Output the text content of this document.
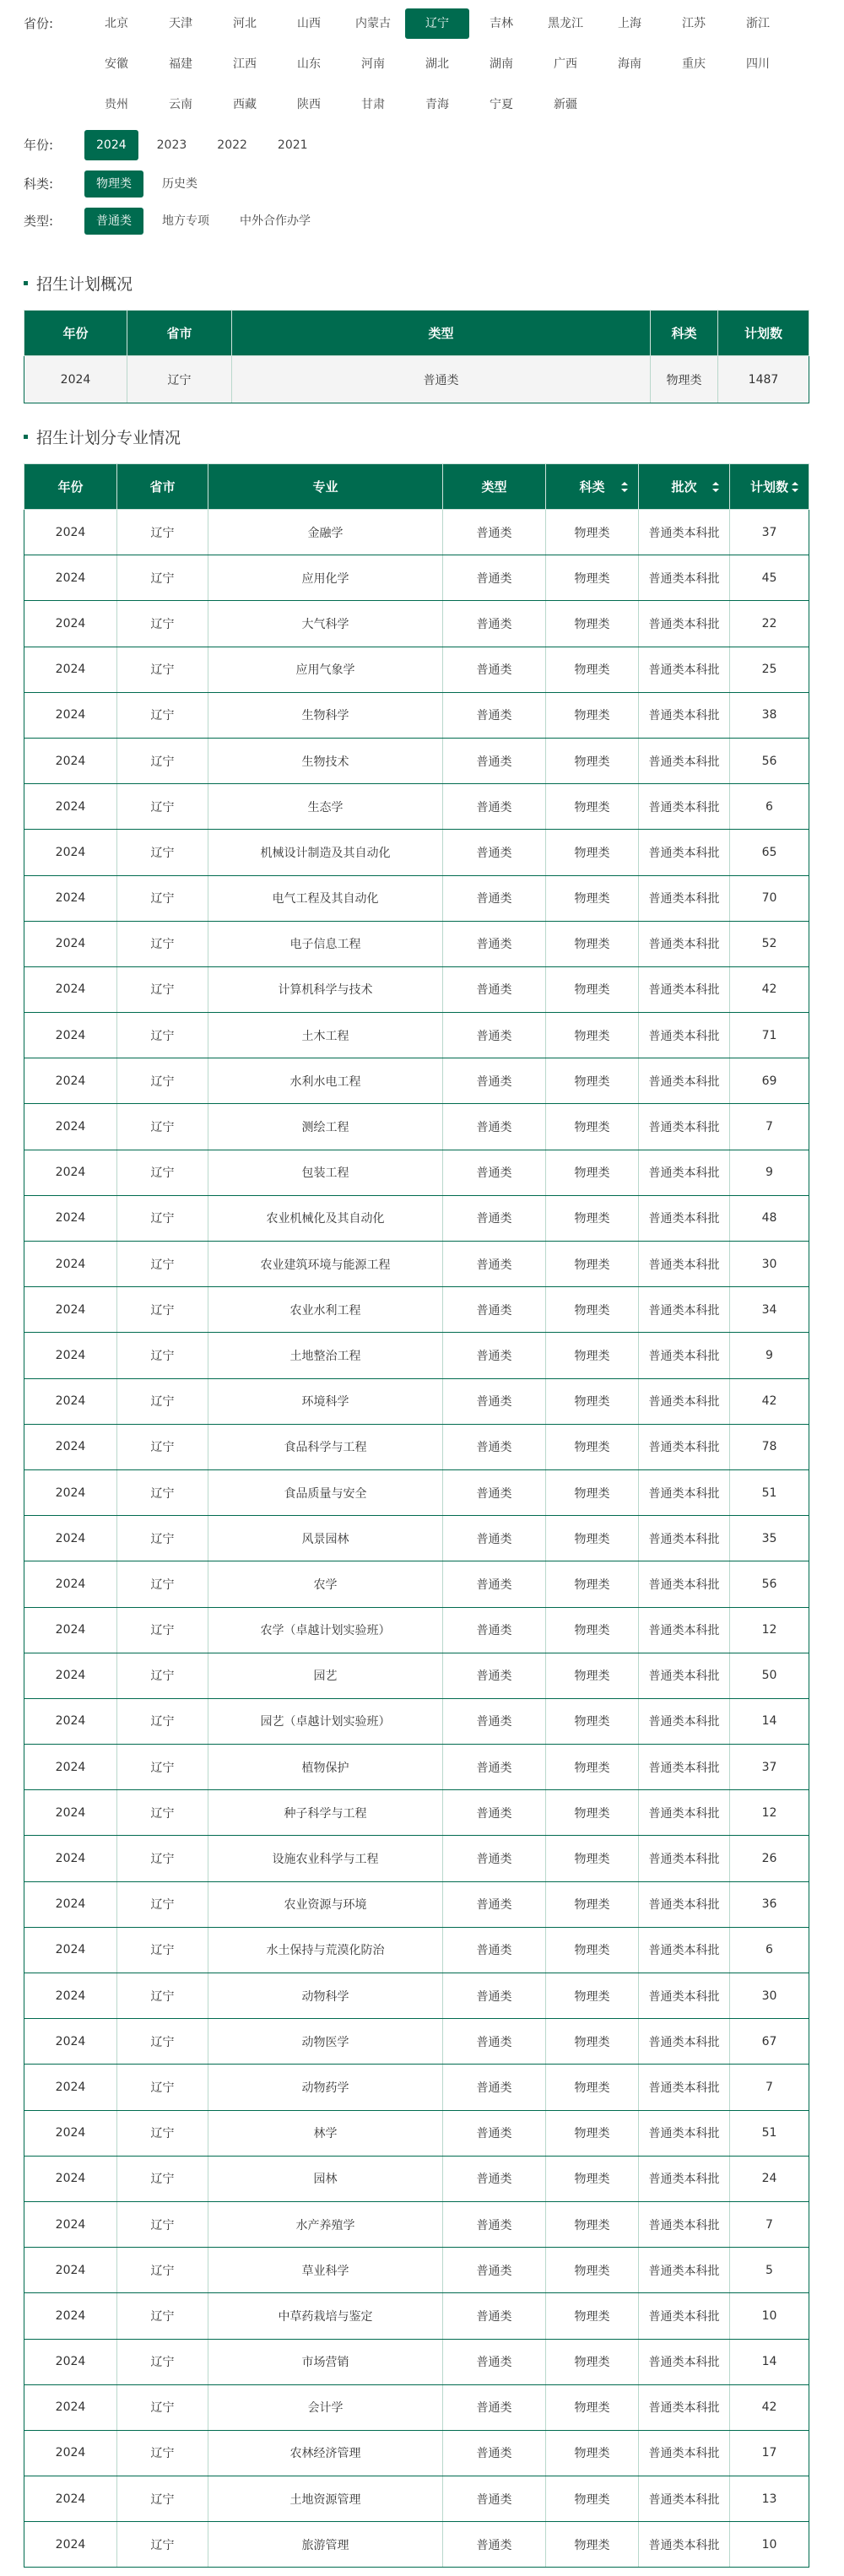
省份:	北京	天津	河北	山西	内蒙古	辽宁	吉林	黑龙江	上海	江苏	浙江
安徽	福建	江西	山东	河南	湖北	湖南	广西	海南	重庆	四川
贵州	云南	西藏	陕西	甘肃	青海	宁夏	新疆
年份:	2024	2023	2022	2021
科类:	物理类	历史类
类型:	普通类	地方专项	中外合作办学
招生计划概况
年份	省市	类型	科类	计划数
2024	辽宁	普通类	物理类	1487
招生计划分专业情况
年份	省市	专业	类型	科类	批次	计划数

2024	辽宁	金融学	普通类	物理类	普通类本科批	37
2024	辽宁	应用化学	普通类	物理类	普通类本科批	45
2024	辽宁	大气科学	普通类	物理类	普通类本科批	22
2024	辽宁	应用气象学	普通类	物理类	普通类本科批	25
2024	辽宁	生物科学	普通类	物理类	普通类本科批	38
2024	辽宁	生物技术	普通类	物理类	普通类本科批	56
2024	辽宁	生态学	普通类	物理类	普通类本科批	6
2024	辽宁	机械设计制造及其自动化	普通类	物理类	普通类本科批	65
2024	辽宁	电气工程及其自动化	普通类	物理类	普通类本科批	70
2024	辽宁	电子信息工程	普通类	物理类	普通类本科批	52
2024	辽宁	计算机科学与技术	普通类	物理类	普通类本科批	42
2024	辽宁	土木工程	普通类	物理类	普通类本科批	71
2024	辽宁	水利水电工程	普通类	物理类	普通类本科批	69
2024	辽宁	测绘工程	普通类	物理类	普通类本科批	7
2024	辽宁	包装工程	普通类	物理类	普通类本科批	9
2024	辽宁	农业机械化及其自动化	普通类	物理类	普通类本科批	48
2024	辽宁	农业建筑环境与能源工程	普通类	物理类	普通类本科批	30
2024	辽宁	农业水利工程	普通类	物理类	普通类本科批	34
2024	辽宁	土地整治工程	普通类	物理类	普通类本科批	9
2024	辽宁	环境科学	普通类	物理类	普通类本科批	42
2024	辽宁	食品科学与工程	普通类	物理类	普通类本科批	78
2024	辽宁	食品质量与安全	普通类	物理类	普通类本科批	51
2024	辽宁	风景园林	普通类	物理类	普通类本科批	35
2024	辽宁	农学	普通类	物理类	普通类本科批	56
2024	辽宁	农学（卓越计划实验班）	普通类	物理类	普通类本科批	12
2024	辽宁	园艺	普通类	物理类	普通类本科批	50
2024	辽宁	园艺（卓越计划实验班）	普通类	物理类	普通类本科批	14
2024	辽宁	植物保护	普通类	物理类	普通类本科批	37
2024	辽宁	种子科学与工程	普通类	物理类	普通类本科批	12
2024	辽宁	设施农业科学与工程	普通类	物理类	普通类本科批	26
2024	辽宁	农业资源与环境	普通类	物理类	普通类本科批	36
2024	辽宁	水土保持与荒漠化防治	普通类	物理类	普通类本科批	6
2024	辽宁	动物科学	普通类	物理类	普通类本科批	30
2024	辽宁	动物医学	普通类	物理类	普通类本科批	67
2024	辽宁	动物药学	普通类	物理类	普通类本科批	7
2024	辽宁	林学	普通类	物理类	普通类本科批	51
2024	辽宁	园林	普通类	物理类	普通类本科批	24
2024	辽宁	水产养殖学	普通类	物理类	普通类本科批	7
2024	辽宁	草业科学	普通类	物理类	普通类本科批	5
2024	辽宁	中草药栽培与鉴定	普通类	物理类	普通类本科批	10
2024	辽宁	市场营销	普通类	物理类	普通类本科批	14
2024	辽宁	会计学	普通类	物理类	普通类本科批	42
2024	辽宁	农林经济管理	普通类	物理类	普通类本科批	17
2024	辽宁	土地资源管理	普通类	物理类	普通类本科批	13
2024	辽宁	旅游管理	普通类	物理类	普通类本科批	10
